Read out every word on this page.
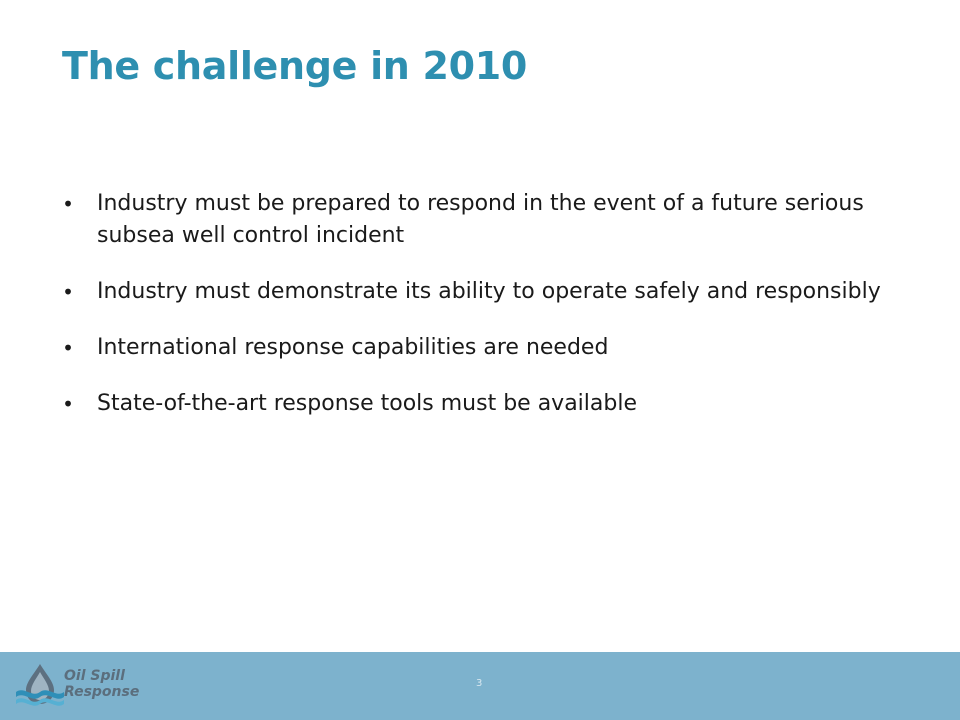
The challenge in 2010
• Industry must be prepared to respond in the event of a future serious subsea well control incident
• Industry must demonstrate its ability to operate safely and responsibly
• International response capabilities are needed
• State-of-the-art response tools must be available
Oil Spill
Response
3
